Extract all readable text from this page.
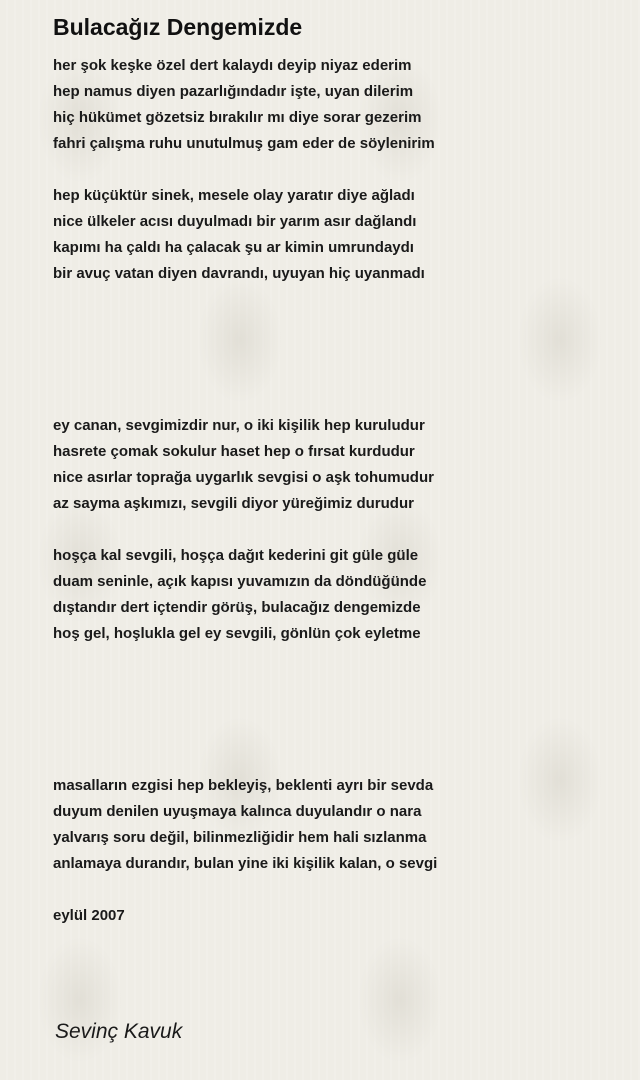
Bulacağız Dengemizde
her şok keşke özel dert kalaydı deyip niyaz ederim
hep namus diyen pazarlığındadır işte, uyan dilerim
hiç hükümet gözetsiz bırakılır mı diye sorar gezerim
fahri çalışma ruhu unutulmuş gam eder de söylenirim
hep küçüktür sinek, mesele olay yaratır diye ağladı
nice ülkeler acısı duyulmadı bir yarım asır dağlandı
kapımı ha çaldı ha çalacak şu ar kimin umrundaydı
bir avuç vatan diyen davrandı, uyuyan hiç uyanmadı
ey canan, sevgimizdir nur, o iki kişilik hep kuruludur
hasrete çomak sokulur haset hep o fırsat kurdudur
nice asırlar toprağa uygarlık sevgisi o aşk tohumudur
az sayma aşkımızı, sevgili diyor yüreğimiz durudur
hoşça kal sevgili, hoşça dağıt kederini git güle güle
duam seninle, açık kapısı yuvamızın da döndüğünde
dıştandır dert içtendir görüş, bulacağız dengemizde
hoş gel, hoşlukla gel ey sevgili, gönlün çok eyletme
masalların ezgisi hep bekleyiş, beklenti ayrı bir sevda
duyum denilen uyuşmaya kalınca duyulandır o nara
yalvarış soru değil, bilinmezliğidir hem hali sızlanma
anlamaya durandır, bulan yine iki kişilik kalan, o sevgi
eylül 2007
Sevinç Kavuk
